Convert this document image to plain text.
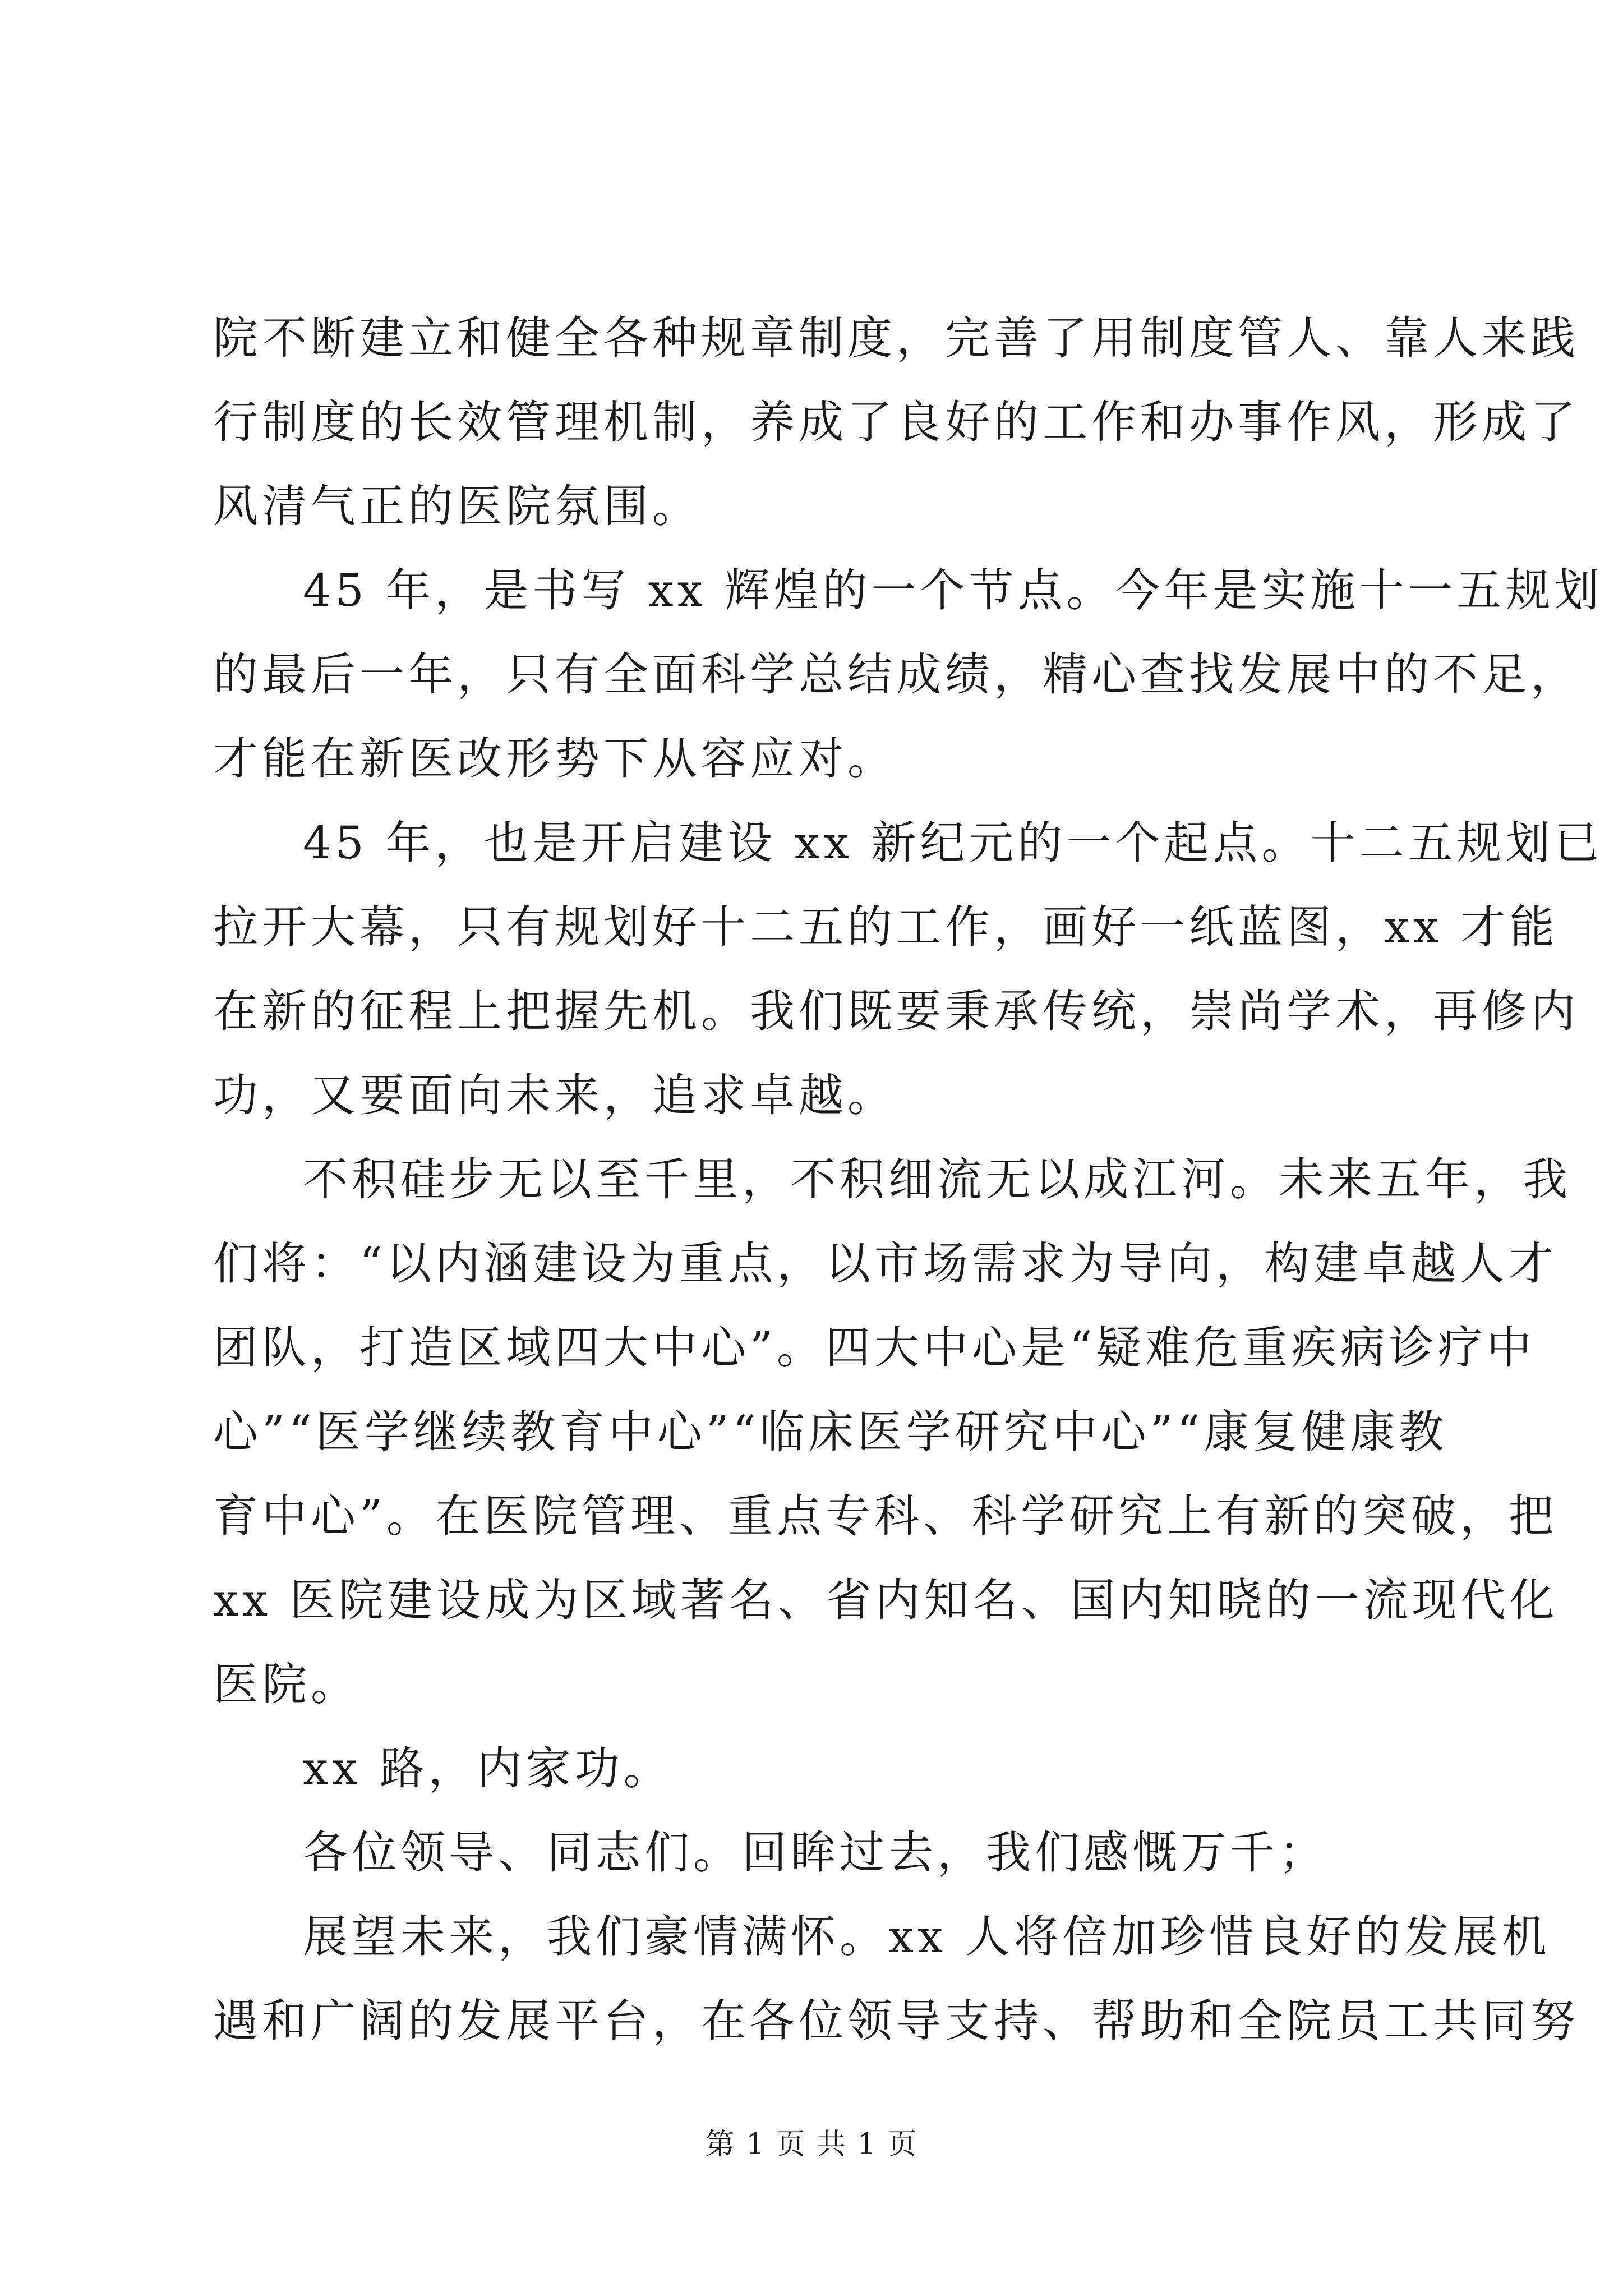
院不断建立和健全各种规章制度，完善了用制度管人、靠人来践
行制度的长效管理机制，养成了良好的工作和办事作风，形成了
风清气正的医院氛围。
45 年，是书写 xx 辉煌的一个节点。今年是实施十一五规划
的最后一年，只有全面科学总结成绩，精心查找发展中的不足，
才能在新医改形势下从容应对。
45 年，也是开启建设 xx 新纪元的一个起点。十二五规划已
拉开大幕，只有规划好十二五的工作，画好一纸蓝图，xx 才能
在新的征程上把握先机。我们既要秉承传统，崇尚学术，再修内
功，又要面向未来，追求卓越。
不积硅步无以至千里，不积细流无以成江河。未来五年，我
们将：“以内涵建设为重点，以市场需求为导向，构建卓越人才
团队，打造区域四大中心”。四大中心是“疑难危重疾病诊疗中
心”“医学继续教育中心”“临床医学研究中心”“康复健康教
育中心”。在医院管理、重点专科、科学研究上有新的突破，把
xx 医院建设成为区域著名、省内知名、国内知晓的一流现代化
医院。
xx 路，内家功。
各位领导、同志们。回眸过去，我们感慨万千；
展望未来，我们豪情满怀。xx 人将倍加珍惜良好的发展机
遇和广阔的发展平台，在各位领导支持、帮助和全院员工共同努
第 1 页 共 1 页
